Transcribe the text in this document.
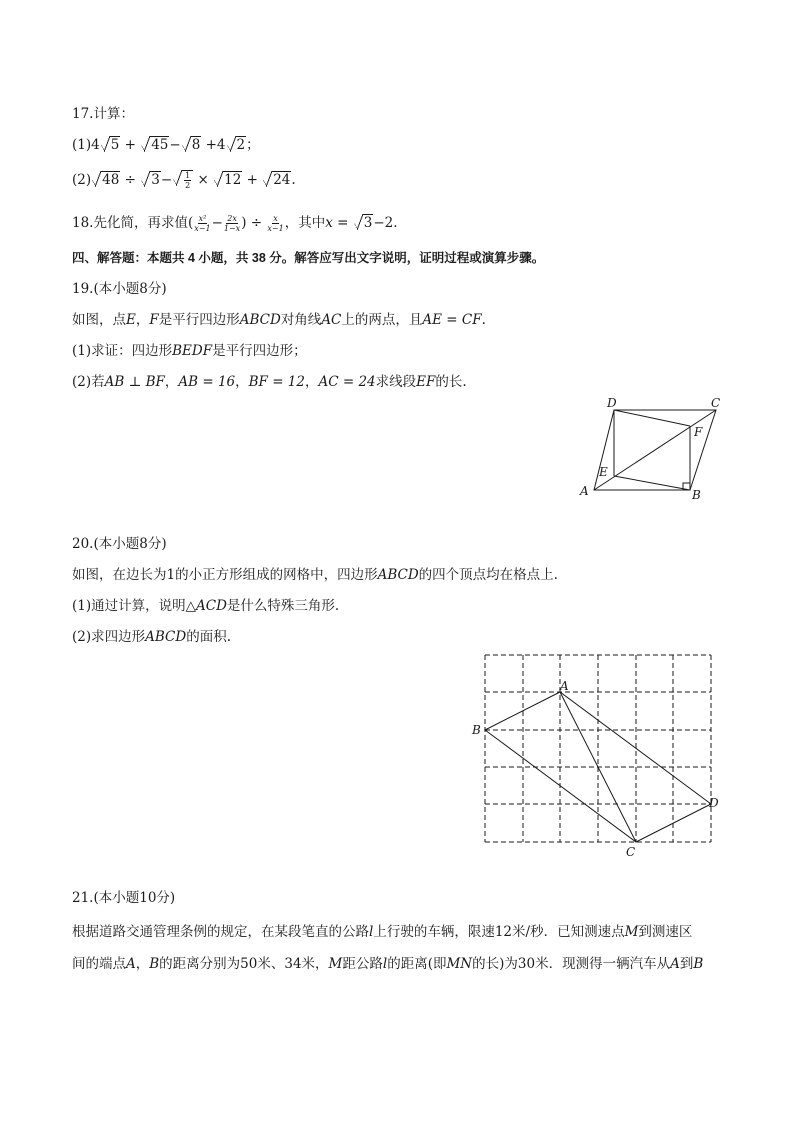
17.计算：
(1)4 5 + 45− 8 +4 2；
(2) $48 \div 3- \frac{1}{2} \times 12 + 24$.
18.先化简，再求值( $\frac{\text{x²}}{x-1} - \frac{2x}{1-x}$ ) ÷ $\frac{x}{x-1}$ ，其中x = 3−2.
四、解答题：本题共 4 小题，共 38 分。解答应写出文字说明，证明过程或演算步骤。
19.(本小题8分)
如图，点E，F是平行四边形ABCD对角线AC上的两点，且AE = CF.
(1)求证：四边形BEDF是平行四边形；
(2)若AB ⊥ BF，AB = 16，BF = 12，AC = 24求线段EF的长.
A	B
C
D
E
F
20.(本小题8分)
如图，在边长为1的小正方形组成的网格中，四边形ABCD的四个顶点均在格点上.
(1)通过计算，说明△ACD是什么特殊三角形.
(2)求四边形ABCD的面积.
A
B
C
D
21.(本小题10分)
根据道路交通管理条例的规定，在某段笔直的公路l上行驶的车辆，限速12米/秒．已知测速点M到测速区
间的端点A，B的距离分别为50米、34米，M距公路l的距离(即MN的长)为30米．现测得一辆汽车从A到B
